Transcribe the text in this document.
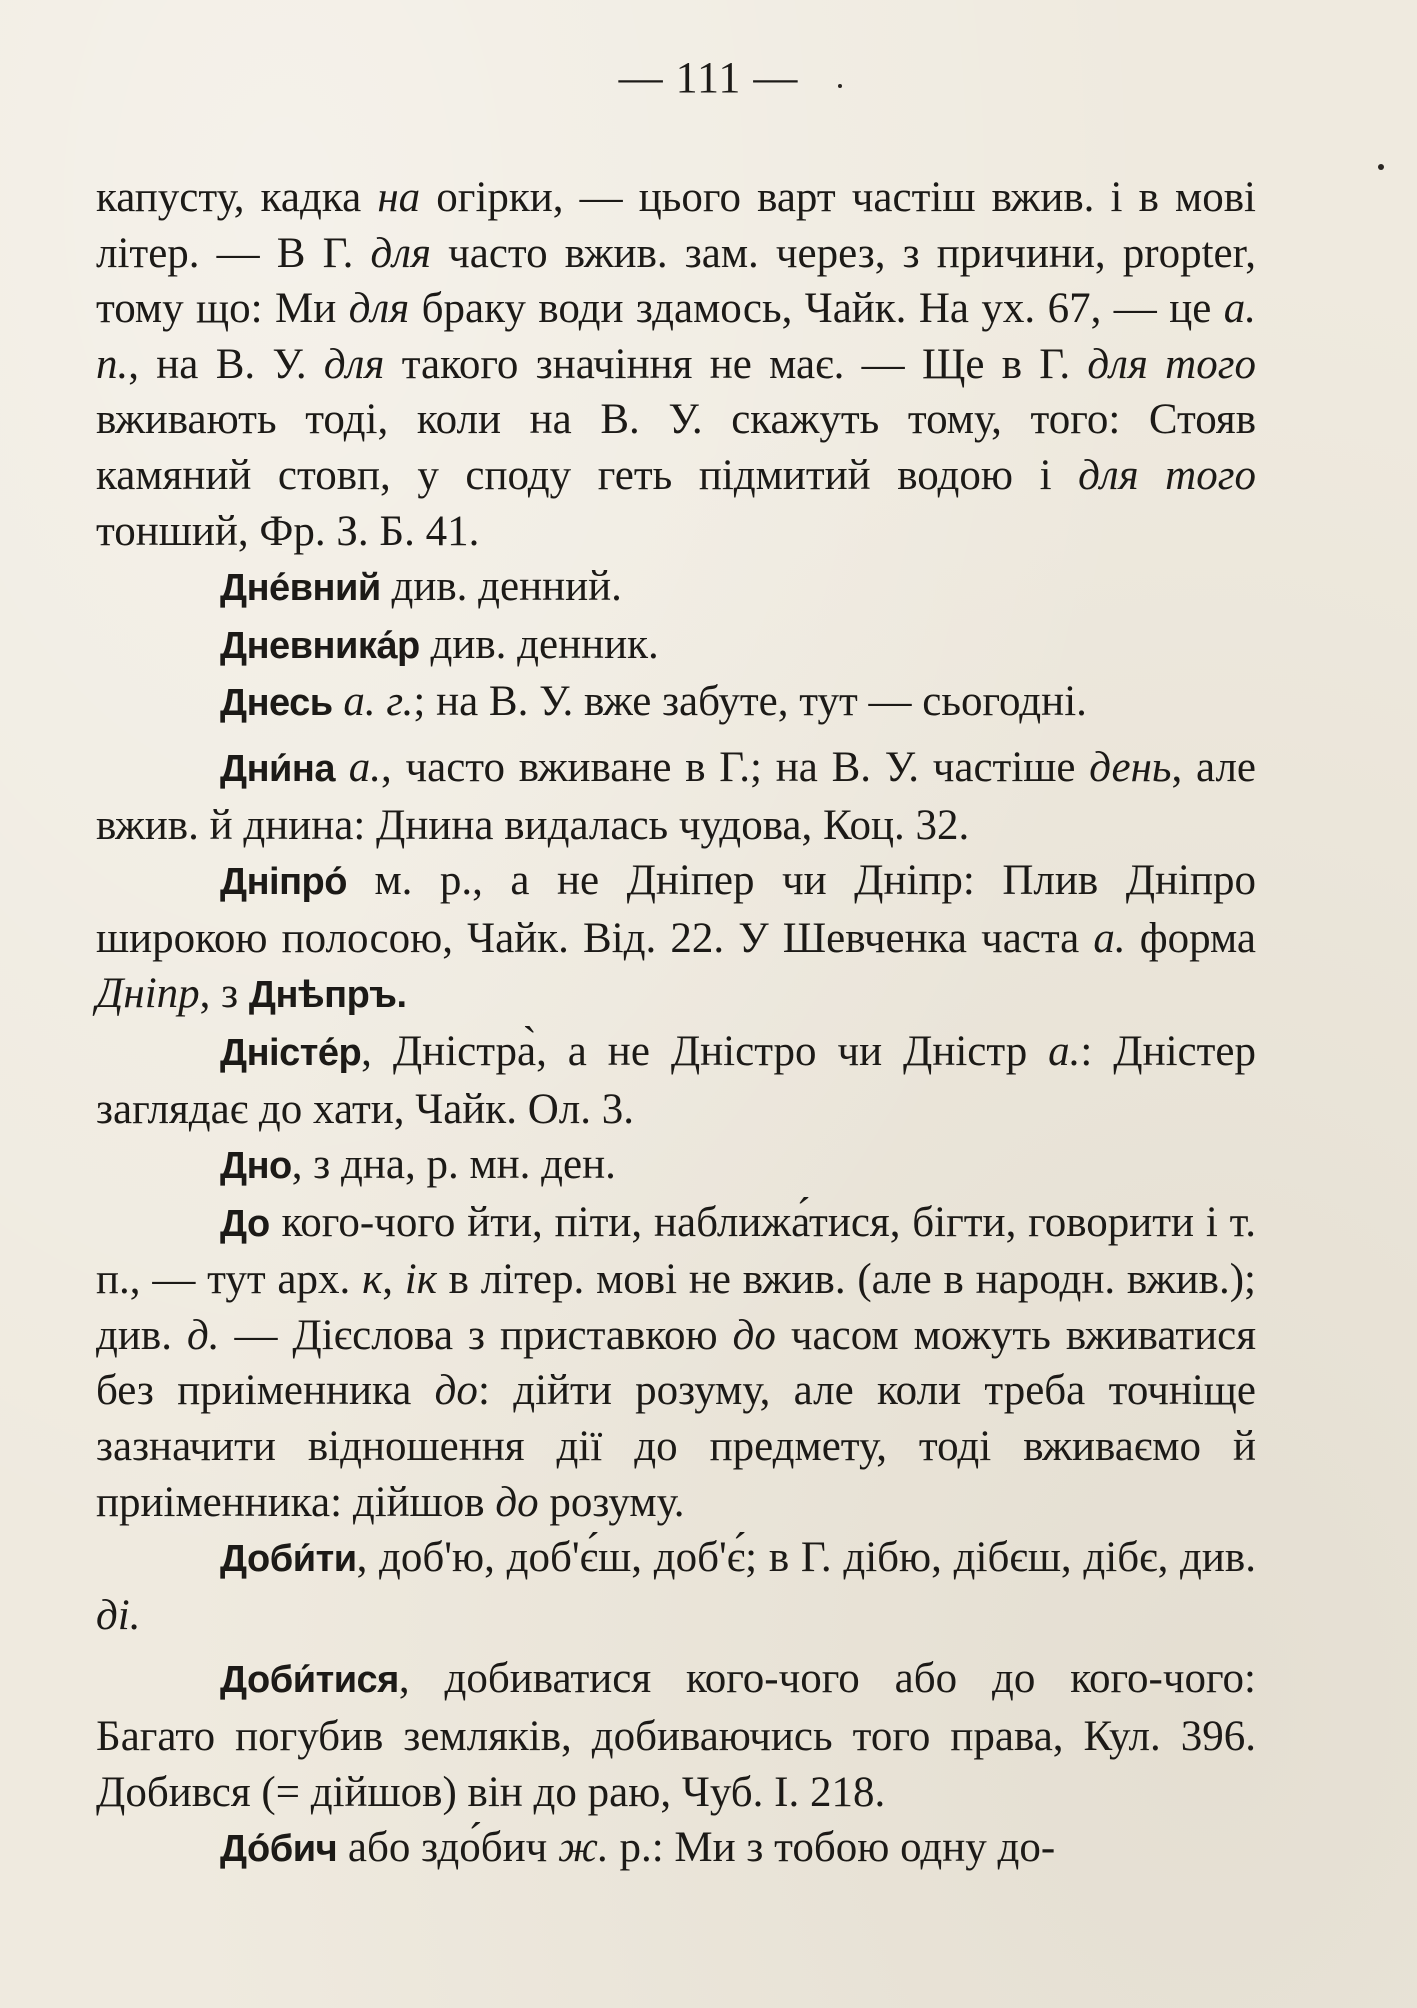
— 111 —

капусту, кадка на огірки, — цього варт частіш вжив. і в мові літер. — В Г. для часто вжив. зам. через, з причини, propter, тому що: Ми для браку води здамось, Чайк. На ух. 67, — це а. п., на В. У. для такого значіння не має. — Ще в Г. для того вживають тоді, коли на В. У. скажуть тому, того: Стояв камяний стовп, у споду геть підмитий водою і для того тонший, Фр. З. Б. 41.

Дне́вний див. денний.

Дневника́р див. денник.

Днесь а. г.; на В. У. вже забуте, тут — сьогодні.

Дни́на а., часто вживане в Г.; на В. У. частіше день, але вжив. й днина: Днина видалась чудова, Коц. 32.

Дніпро́ м. р., а не Дніпер чи Дніпр: Плив Дніпро широкою полосою, Чайк. Від. 22. У Шевченка часта а. форма Дніпр, з Днѣпръ.

Дністе́р, Дністра̀, а не Дністро чи Дністр а.: Дністер заглядає до хати, Чайк. Ол. 3.

Дно, з дна, р. мн. ден.

До кого-чого йти, піти, наближа́тися, бігти, говорити і т. п., — тут арх. к, ік в літер. мові не вжив. (але в народн. вжив.); див. д. — Дієслова з приставкою до часом можуть вживатися без приіменника до: дійти розуму, але коли треба точніще зазначити відношення дії до предмету, тоді вживаємо й приіменника: дійшов до розуму.

Доби́ти, доб'ю, доб'є́ш, доб'є́; в Г. дібю, дібєш, дібє, див. ді.

Доби́тися, добиватися кого-чого або до кого-чого: Багато погубив земляків, добиваючись того права, Кул. 396. Добився (= дійшов) він до раю, Чуб. І. 218.

До́бич або здо́бич ж. р.: Ми з тобою одну до-
